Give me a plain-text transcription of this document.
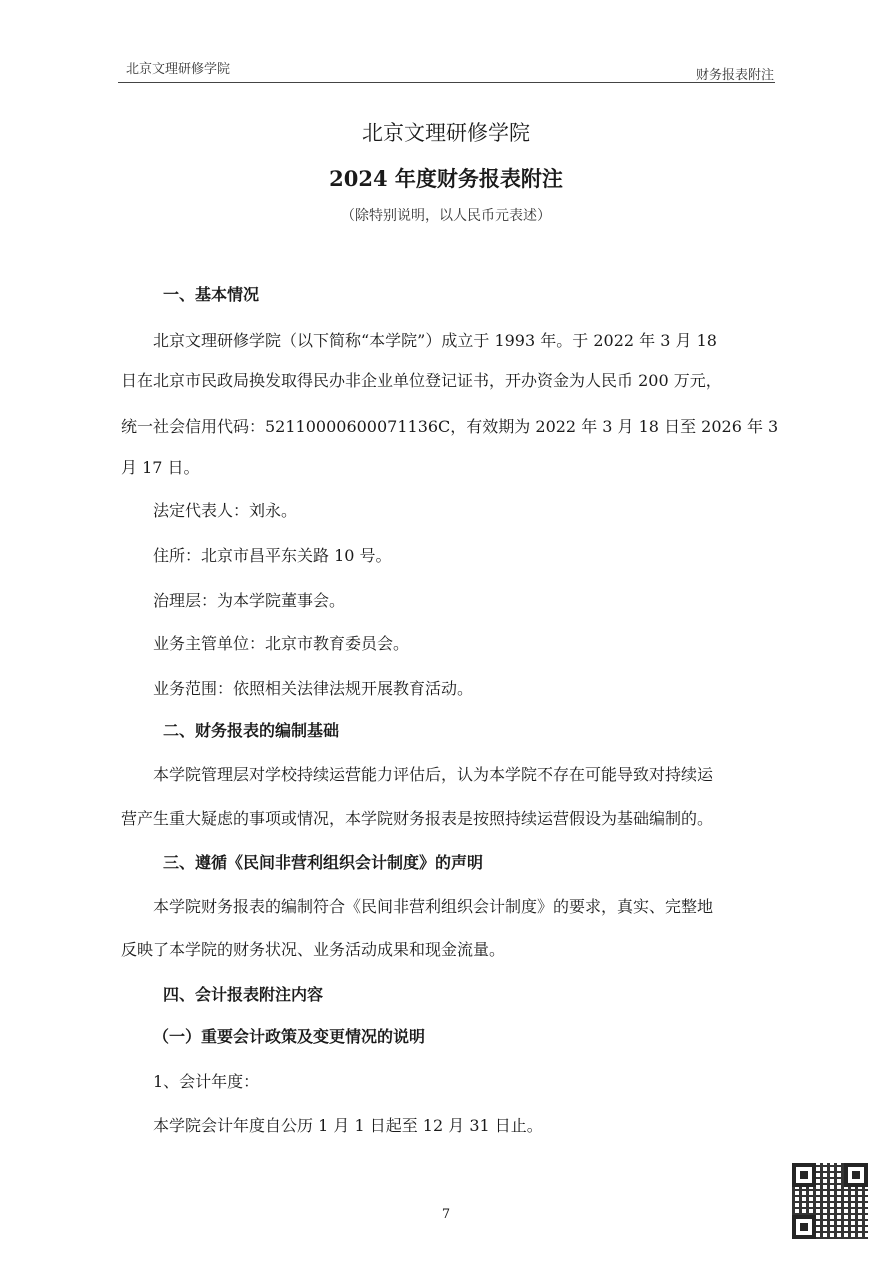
北京文理研修学院	财务报表附注
北京文理研修学院
2024 年度财务报表附注
（除特别说明，以人民币元表述）
一、基本情况
北京文理研修学院（以下简称“本学院”）成立于 1993 年。于 2022 年 3 月 18
日在北京市民政局换发取得民办非企业单位登记证书，开办资金为人民币 200 万元，
统一社会信用代码：52110000600071136C，有效期为 2022 年 3 月 18 日至 2026 年 3
月 17 日。
法定代表人：刘永。
住所：北京市昌平东关路 10 号。
治理层：为本学院董事会。
业务主管单位：北京市教育委员会。
业务范围：依照相关法律法规开展教育活动。
二、财务报表的编制基础
本学院管理层对学校持续运营能力评估后，认为本学院不存在可能导致对持续运
营产生重大疑虑的事项或情况，本学院财务报表是按照持续运营假设为基础编制的。
三、遵循《民间非营利组织会计制度》的声明
本学院财务报表的编制符合《民间非营利组织会计制度》的要求，真实、完整地
反映了本学院的财务状况、业务活动成果和现金流量。
四、会计报表附注内容
（一）重要会计政策及变更情况的说明
1、会计年度：
本学院会计年度自公历 1 月 1 日起至 12 月 31 日止。
7
